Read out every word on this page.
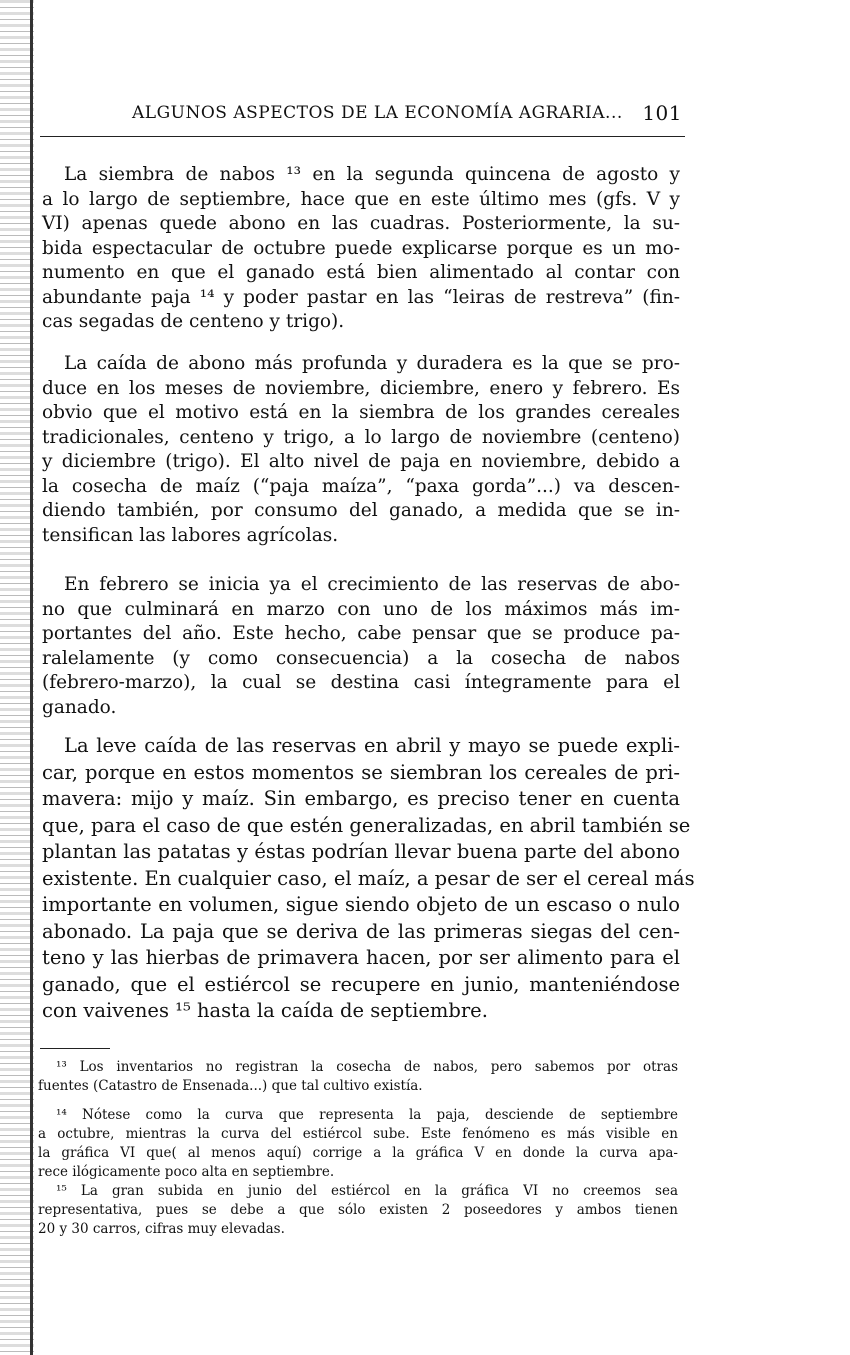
ALGUNOS ASPECTOS DE LA ECONOMÍA AGRARIA... 101
La siembra de nabos ¹³ en la segunda quincena de agosto y
a lo largo de septiembre, hace que en este último mes (gfs. V y
VI) apenas quede abono en las cuadras. Posteriormente, la su-
bida espectacular de octubre puede explicarse porque es un mo-
numento en que el ganado está bien alimentado al contar con
abundante paja ¹⁴ y poder pastar en las “leiras de restreva” (fin-
cas segadas de centeno y trigo).
La caída de abono más profunda y duradera es la que se pro-
duce en los meses de noviembre, diciembre, enero y febrero. Es
obvio que el motivo está en la siembra de los grandes cereales
tradicionales, centeno y trigo, a lo largo de noviembre (centeno)
y diciembre (trigo). El alto nivel de paja en noviembre, debido a
la cosecha de maíz (“paja maíza”, “paxa gorda”...) va descen-
diendo también, por consumo del ganado, a medida que se in-
tensifican las labores agrícolas.
En febrero se inicia ya el crecimiento de las reservas de abo-
no que culminará en marzo con uno de los máximos más im-
portantes del año. Este hecho, cabe pensar que se produce pa-
ralelamente (y como consecuencia) a la cosecha de nabos
(febrero-marzo), la cual se destina casi íntegramente para el
ganado.
La leve caída de las reservas en abril y mayo se puede expli-
car, porque en estos momentos se siembran los cereales de pri-
mavera: mijo y maíz. Sin embargo, es preciso tener en cuenta
que, para el caso de que estén generalizadas, en abril también se
plantan las patatas y éstas podrían llevar buena parte del abono
existente. En cualquier caso, el maíz, a pesar de ser el cereal más
importante en volumen, sigue siendo objeto de un escaso o nulo
abonado. La paja que se deriva de las primeras siegas del cen-
teno y las hierbas de primavera hacen, por ser alimento para el
ganado, que el estiércol se recupere en junio, manteniéndose
con vaivenes ¹⁵ hasta la caída de septiembre.
¹³ Los inventarios no registran la cosecha de nabos, pero sabemos por otras
fuentes (Catastro de Ensenada...) que tal cultivo existía.
¹⁴ Nótese como la curva que representa la paja, desciende de septiembre
a octubre, mientras la curva del estiércol sube. Este fenómeno es más visible en
la gráfica VI que( al menos aquí) corrige a la gráfica V en donde la curva apa-
rece ilógicamente poco alta en septiembre.
¹⁵ La gran subida en junio del estiércol en la gráfica VI no creemos sea
representativa, pues se debe a que sólo existen 2 poseedores y ambos tienen
20 y 30 carros, cifras muy elevadas.
